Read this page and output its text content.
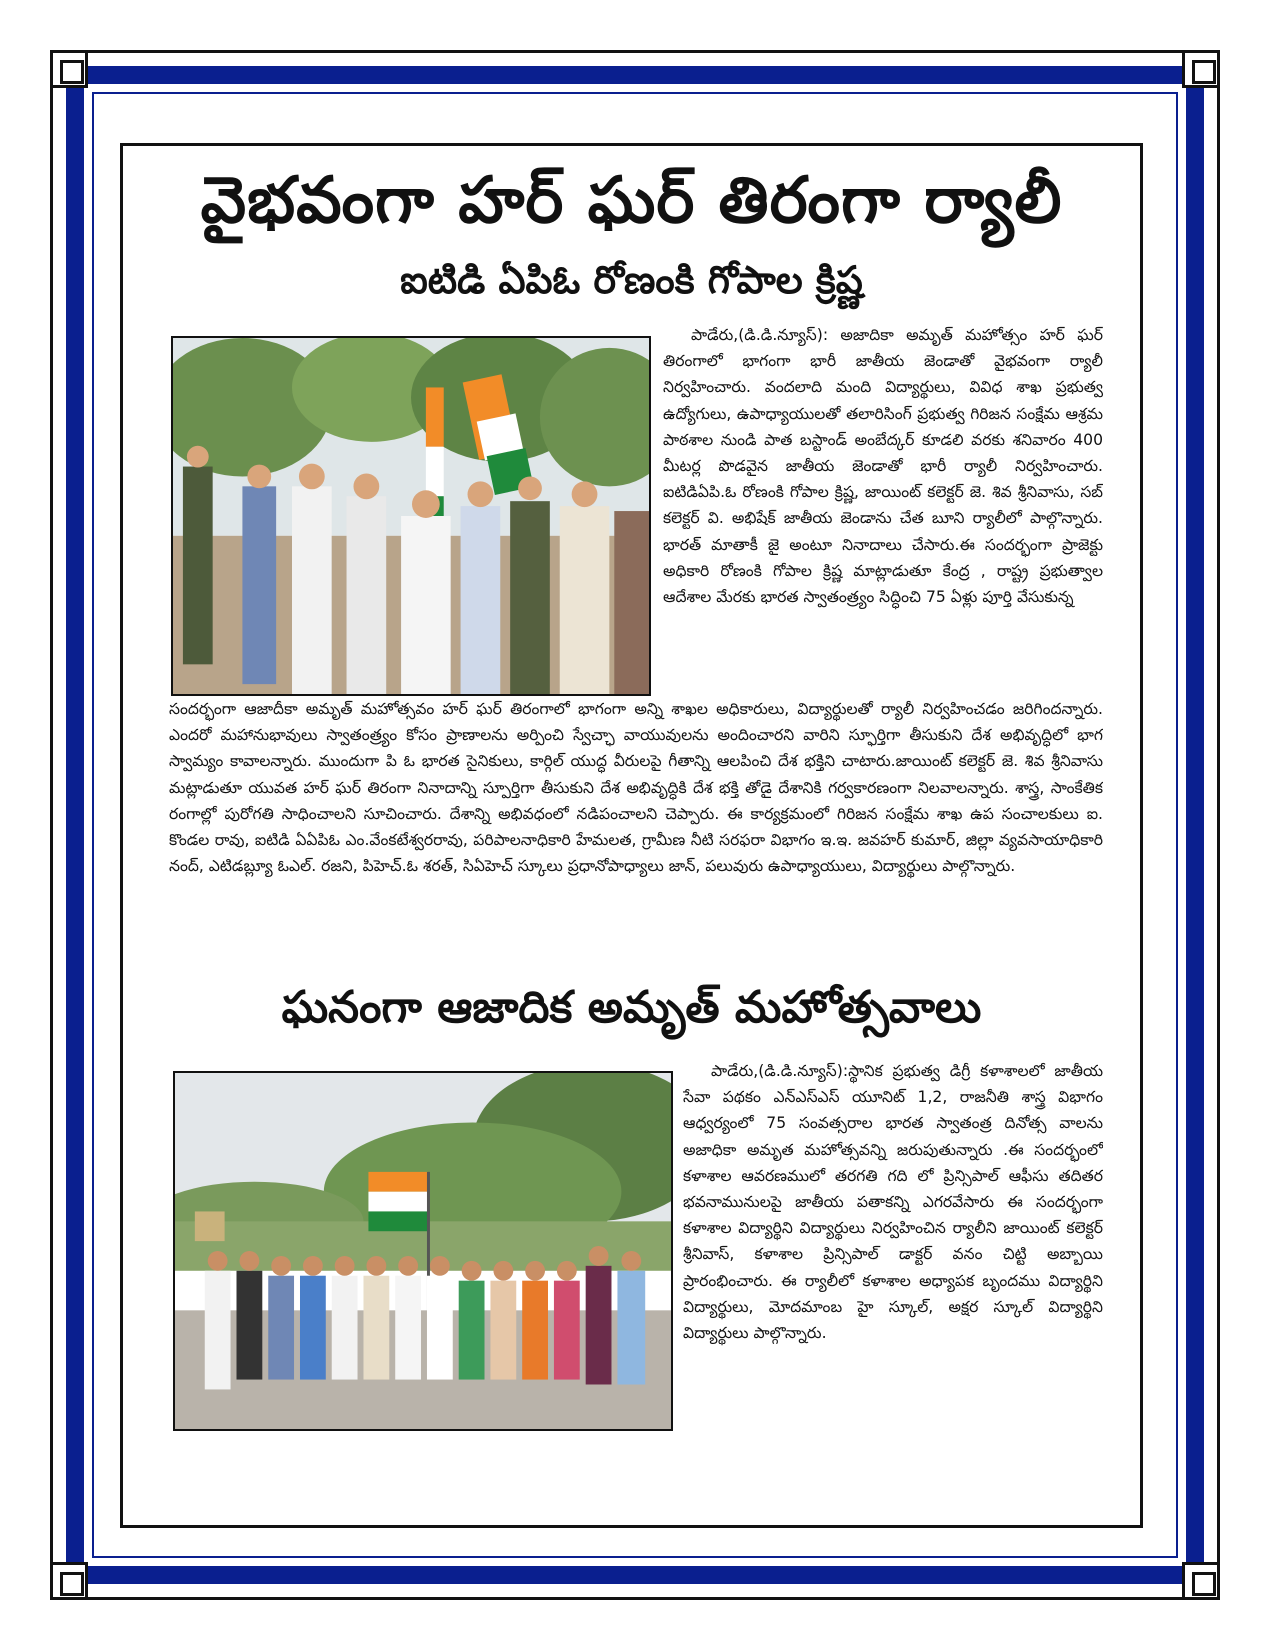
వైభవంగా హర్ ఘర్ తిరంగా ర్యాలీ
ఐటిడి ఏపిఓ రోణంకి గోపాల క్రిష్ణ
పాడేరు,(డి.డి.న్యూస్): అజాదికా అమృత్ మహోత్సం హర్ ఘర్ తిరంగాలో భాగంగా భారీ జాతీయ జెండాతో వైభవంగా ర్యాలీ నిర్వహించారు. వందలాది మంది విద్యార్థులు, వివిధ శాఖ ప్రభుత్వ ఉద్యోగులు, ఉపాధ్యాయులతో తలారిసింగ్ ప్రభుత్వ గిరిజన సంక్షేమ ఆశ్రమ పాఠశాల నుండి పాత బస్టాండ్ అంబేద్కర్ కూడలి వరకు శనివారం 400 మీటర్ల పొడవైన జాతీయ జెండాతో భారీ ర్యాలీ నిర్వహించారు. ఐటిడిఏపి.ఓ రోణంకి గోపాల క్రిష్ణ, జాయింట్ కలెక్టర్ జె. శివ శ్రీనివాసు, సబ్ కలెక్టర్ వి. అభిషేక్ జాతీయ జెండాను చేత బూని ర్యాలీలో పాల్గొన్నారు. భారత్ మాతాకీ జై అంటూ నినాదాలు చేసారు.ఈ సందర్భంగా ప్రాజెక్టు అధికారి రోణంకి గోపాల క్రిష్ణ మాట్లాడుతూ కేంద్ర , రాష్ట్ర ప్రభుత్వాల ఆదేశాల మేరకు భారత స్వాతంత్ర్యం సిద్ధించి 75 ఏళ్లు పూర్తి వేసుకున్న
సందర్భంగా ఆజాదీకా అమృత్ మహోత్సవం హర్ ఘర్ తిరంగాలో భాగంగా అన్ని శాఖల అధికారులు, విద్యార్థులతో ర్యాలీ నిర్వహించడం జరిగిందన్నారు. ఎందరో మహానుభావులు స్వాతంత్ర్యం కోసం ప్రాణాలను అర్పించి స్వేచ్ఛా వాయువులను అందించారని వారిని స్ఫూర్తిగా తీసుకుని దేశ అభివృద్ధిలో భాగ స్వామ్యం కావాలన్నారు. ముందుగా పి ఓ భారత సైనికులు, కార్గిల్ యుద్ధ వీరులపై గీతాన్ని ఆలపించి దేశ భక్తిని చాటారు.జాయింట్ కలెక్టర్ జె. శివ శ్రీనివాసు మట్లాడుతూ యువత హర్ ఘర్ తిరంగా నినాదాన్ని స్పూర్తిగా తీసుకుని దేశ అభివృద్ధికి దేశ భక్తి తోడై దేశానికి గర్వకారణంగా నిలవాలన్నారు. శాస్త్ర, సాంకేతిక రంగాల్లో పురోగతి సాధించాలని సూచించారు. దేశాన్ని అభివధంలో నడిపంచాలని చెప్పారు. ఈ కార్యక్రమంలో గిరిజన సంక్షేమ శాఖ ఉప సంచాలకులు ఐ. కొండల రావు, ఐటిడి ఏఏపిఓ ఎం.వేంకటేశ్వరరావు, పరిపాలనాధికారి హేమలత, గ్రామీణ నీటి సరఫరా విభాగం ఇ.ఇ. జవహర్ కుమార్, జిల్లా వ్యవసాయాధికారి నంద్, ఎటిడబ్ల్యూ ఓఎల్. రజని, పిహెచ్.ఓ శరత్, సిఏహెచ్ స్కూలు ప్రధానోపాధ్యాలు జాన్, పలువురు ఉపాధ్యాయులు, విద్యార్థులు పాల్గొన్నారు.
ఘనంగా ఆజాదిక అమృత్ మహోత్సవాలు
పాడేరు,(డి.డి.న్యూస్):స్థానిక ప్రభుత్వ డిగ్రీ కళాశాలలో జాతీయ సేవా పథకం ఎన్ఎస్ఎస్ యూనిట్ 1,2, రాజనీతి శాస్త్ర విభాగం ఆధ్వర్యంలో 75 సంవత్సరాల భారత స్వాతంత్ర దినోత్స వాలను అజాధికా అమృత మహోత్సవన్ని జరుపుతున్నారు .ఈ సందర్భంలో కళాశాల ఆవరణములో తరగతి గది లో ప్రిన్సిపాల్ ఆఫీసు తదితర భవనామునులపై జాతీయ పతాకన్ని ఎగరవేసారు ఈ సందర్భంగా కళాశాల విద్యార్థిని విద్యార్థులు నిర్వహించిన ర్యాలీని జాయింట్ కలెక్టర్ శ్రీనివాస్, కళాశాల ప్రిన్సిపాల్ డాక్టర్ వనం చిట్టి అబ్బాయి ప్రారంభించారు. ఈ ర్యాలీలో కళాశాల అధ్యాపక బృందము విద్యార్థిని విద్యార్థులు, మోదమాంబ హై స్కూల్, అక్షర స్కూల్ విద్యార్థిని విద్యార్థులు పాల్గొన్నారు.
